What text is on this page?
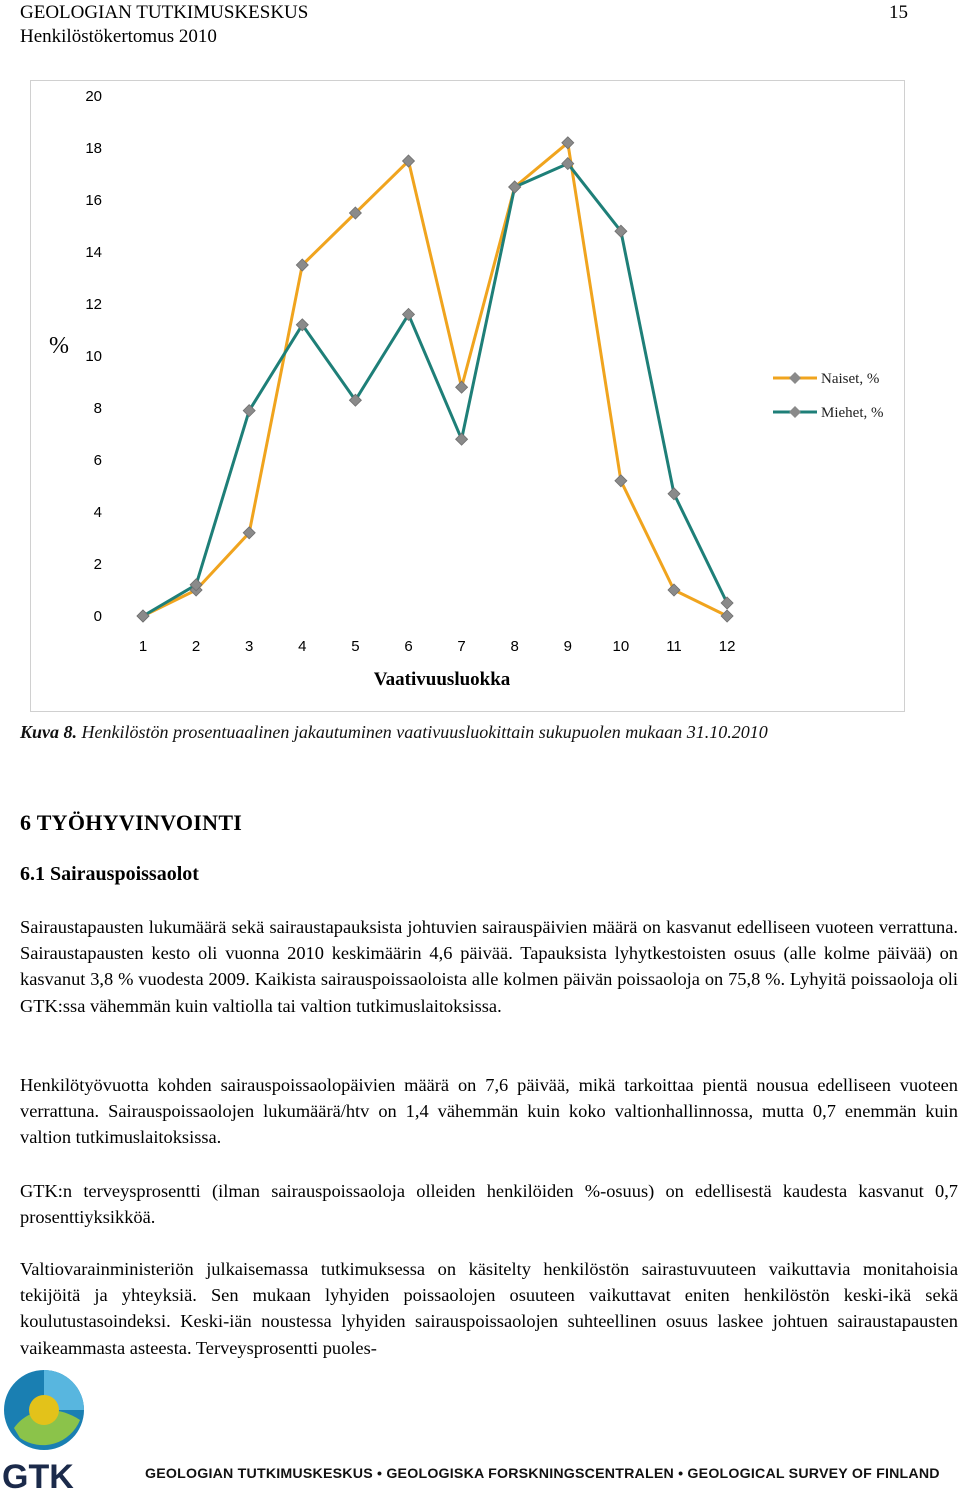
GEOLOGIAN TUTKIMUSKESKUS
Henkilöstökertomus 2010
15
0
2
4
6
8
10
12
14
16
18
20
%
1	2	3	4	5	6	7	8	9	10 11 12
Vaativuusluokka
Naiset, %
Miehet, %
Kuva 8. Henkilöstön prosentuaalinen jakautuminen vaativuusluokittain sukupuolen mukaan 31.10.2010
6 TYÖHYVINVOINTI
6.1 Sairauspoissaolot

Sairaustapausten lukumäärä sekä sairaustapauksista johtuvien sairauspäivien määrä on kasvanut edelliseen vuoteen verrattuna. Sairaustapausten kesto oli vuonna 2010 keskimäärin 4,6 päivää. Tapauksista lyhytkestoisten osuus (alle kolme päivää) on kasvanut 3,8 % vuodesta 2009. Kaikista sairauspoissaoloista alle kolmen päivän poissaoloja on 75,8 %. Lyhyitä poissaoloja oli GTK:ssa vähemmän kuin valtiolla tai valtion tutkimuslaitoksissa.

Henkilötyövuotta kohden sairauspoissaolopäivien määrä on 7,6 päivää, mikä tarkoittaa pientä nousua edelliseen vuoteen verrattuna. Sairauspoissaolojen lukumäärä/htv on 1,4 vähemmän kuin koko valtionhallinnossa, mutta 0,7 enemmän kuin valtion tutkimuslaitoksissa.

GTK:n terveysprosentti (ilman sairauspoissaoloja olleiden henkilöiden %-osuus) on edellisestä kaudesta kasvanut 0,7 prosenttiyksikköä.

Valtiovarainministeriön julkaisemassa tutkimuksessa on käsitelty henkilöstön sairastuvuuteen vaikuttavia monitahoisia tekijöitä ja yhteyksiä. Sen mukaan lyhyiden poissaolojen osuuteen vaikuttavat eniten henkilöstön keski-ikä sekä koulutustasoindeksi. Keski-iän noustessa lyhyiden sairauspoissaolojen suhteellinen osuus laskee johtuen sairaustapausten vaikeammasta asteesta. Terveysprosentti puoles-

GTK	GEOLOGIAN TUTKIMUSKESKUS • GEOLOGISKA FORSKNINGSCENTRALEN • GEOLOGICAL SURVEY OF FINLAND
